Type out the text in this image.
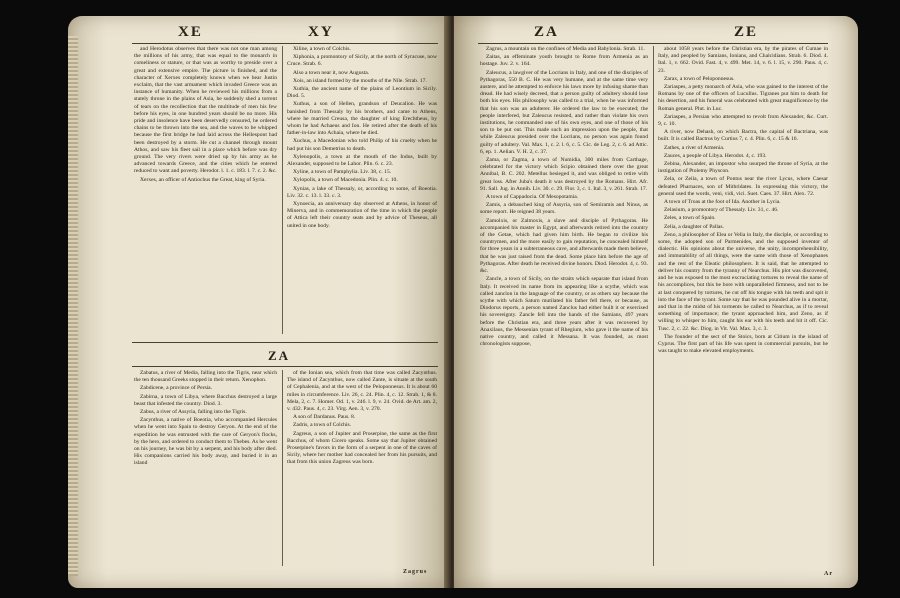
XE	XY

and Herodotus observes that there was not one man among the millions of his army, that was equal to the monarch in comeliness or stature, or that was as worthy to preside over a great and extensive empire. The picture is finished, and the character of Xerxes completely known when we hear Justin exclaim, that the vast armament which invaded Greece was an instance of humanity. When he reviewed his millions from a stately throne in the plains of Asia, he suddenly shed a torrent of tears on the recollection that the multitude of men his few before his eyes, in one hundred years should be no more. His pride and insolence have been deservedly censured, he ordered chains to be thrown into the sea, and the waves to be whipped because the first bridge he had laid across the Hellespont had been destroyed by a storm. He cut a channel through mount Athos, and saw his fleet sail in a place which before was dry ground. The very rivers were dried up by his army as he advanced towards Greece, and the cities which he entered reduced to want and poverty. Herodot. l. 1. c. 183. l. 7. c. 2. &c.

Xerxes, an officer of Antiochus the Great, king of Syria.

Xiline, a town of Colchis.

Xiphonia, a promontory of Sicily, at the north of Syracuse, now Cruce. Strab. 6.

Also a town near it, now Augusta.

Xois, an island formed by the mouths of the Nile. Strab. 17.

Xuthia, the ancient name of the plains of Leontium in Sicily. Diod. 5.

Xuthus, a son of Hellen, grandson of Deucalion. He was banished from Thessaly by his brothers, and came to Athens, where he married Creusa, the daughter of king Erechtheus, by whom he had Achaeus and Ion. He retired after the death of his father-in-law into Achaia, where he died.

Xuchus, a Macedonian who told Philip of his cruelty when he had put his son Demetrius to death.

Xylenopolis, a town at the mouth of the Indus, built by Alexander, supposed to be Lahor. Plin. 6. c. 23.

Xyline, a town of Pamphylia. Liv. 38, c. 15.

Xylopolis, a town of Macedonia. Plin. 4. c. 10.

Xynias, a lake of Thessaly, or, according to some, of Boeotia. Liv. 32. c. 13. l. 33. c. 3.

Xynoecia, an anniversary day observed at Athens, in honor of Minerva, and in commemoration of the time in which the people of Attica left their country seats and by advice of Theseus, all united in one body.

ZA

Zabatus, a river of Media, falling into the Tigris, near which the ten thousand Greeks stopped in their return. Xenophon.

Zabdicene, a province of Persia.

Zabirna, a town of Libya, where Bacchus destroyed a large beast that infested the country. Diod. 3.

Zabus, a river of Assyria, falling into the Tigris.

Zacynthus, a native of Boeotia, who accompanied Hercules when he went into Spain to destroy Geryon. At the end of the expedition he was entrusted with the care of Geryon's flocks, by the hero, and ordered to conduct them to Thebes. As he went on his journey, he was bit by a serpent, and his body after died. His companions carried his body away, and buried it in an island

of the Ionian sea, which from that time was called Zacynthus. The island of Zacynthus, now called Zante, is situate at the south of Cephalenia, and at the west of the Peloponnesus. It is about 60 miles in circumference. Liv. 26, c. 24. Plin. 4, c. 12. Strab. 1, & 8. Mela, 2, c. 7. Homer. Od. 1, v. 246. l. 9, v. 24. Ovid. de Art. am. 2, v. 432. Paus. 4, c. 23. Virg. Aen. 3, v. 270.

A son of Dardanus. Paus. 8.

Zadris, a town of Colchis.

Zagreus, a son of Jupiter and Proserpine, the same as the first Bacchus, of whom Cicero speaks. Some say that Jupiter obtained Proserpine's favors in the form of a serpent in one of the caves of Sicily, where her mother had concealed her from his pursuits, and that from this union Zagreus was born.

Zagrus
ZA	ZE

Zagrus, a mountain on the confines of Media and Babylonia. Strab. 11.

Zaitas, an effeminate youth brought to Rome from Armenia as an hostage. Juv. 2. v. 164.

Zaleucus, a lawgiver of the Locrians in Italy, and one of the disciples of Pythagoras, 550 B. C. He was very humane, and at the same time very austere, and he attempted to enforce his laws more by infusing shame than dread. He had wisely decreed, that a person guilty of adultery should lose both his eyes. His philosophy was called to a trial, when he was informed that his son was an adulterer. He ordered the law to be executed; the people interfered, but Zaleucus resisted, and rather than violate his own institutions, he commanded one of his own eyes, and one of those of his son to be put out. This made such an impression upon the people, that while Zaleucus presided over the Locrians, no person was again found guilty of adultery. Val. Max. 1, c. 2. l. 6, c. 5. Cic. de Leg. 2, c. 6. ad Attic. 6, ep. 1. Aelian. V. H. 2, c. 37.

Zama, or Zagma, a town of Numidia, 300 miles from Carthage, celebrated for the victory which Scipio obtained there over the great Annibal, B. C. 202. Metellus besieged it, and was obliged to retire with great loss. After Juba's death it was destroyed by the Romans. Hirt. Afr. 91. Sall. Jug. in Annib. Liv. 30. c. 29. Flor. 3, c. 1. Ital. 3, v. 261. Strab. 17.

A town of Cappadocia. Of Mesopotamia.

Zamis, a debauched king of Assyria, son of Semiramis and Ninus, as some report. He reigned 38 years.

Zamolxis, or Zalmoxis, a slave and disciple of Pythagoras. He accompanied his master in Egypt, and afterwards retired into the country of the Getae, which had given him birth. He began to civilize his countrymen, and the more easily to gain reputation, he concealed himself for three years in a subterraneous cave, and afterwards made them believe, that he was just raised from the dead. Some place him before the age of Pythagoras. After death he received divine honors. Diod. Herodot. 4, c. 93. &c.

Zancle, a town of Sicily, on the straits which separate that island from Italy. It received its name from its appearing like a scythe, which was called zanclon in the language of the country, or as others say because the scythe with which Saturn mutilated his father fell there, or because, as Diodorus reports, a person named Zanclus had either built it or exercised his sovereignty. Zancle fell into the hands of the Samians, 497 years before the Christian era, and three years after it was recovered by Anaxilaus, the Messenian tyrant of Rhegium, who gave it the name of his native country, and called it Messana. It was founded, as most chronologists suppose,

about 1058 years before the Christian era, by the pirates of Cumae in Italy, and peopled by Samians, Ionians, and Chalcidians. Strab. 6. Diod. 4. Ital. 1, v. 662. Ovid. Fast. 4, v. 499. Met. 14, v. 6. l. 15, v. 290. Paus. 4, c. 23.

Zarax, a town of Peloponnesus.

Zariaspes, a petty monarch of Asia, who was gained to the interest of the Romans by one of the officers of Lucullus. Tigranes put him to death for his desertion, and his funeral was celebrated with great magnificence by the Roman general. Plut. in Luc.

Zariaspes, a Persian who attempted to revolt from Alexander, &c. Curt. 9, c. 10.

A river, now Dehash, on which Bactra, the capital of Bactriana, was built. It is called Bactrus by Curtius 7, c. 4. Plin. 6, c. 15 & 16.

Zathes, a river of Armenia.

Zauces, a people of Libya. Herodot. 4, c. 193.

Zebina, Alexander, an impostor who usurped the throne of Syria, at the instigation of Ptolemy Physcon.

Zela, or Zeila, a town of Pontus near the river Lycus, where Caesar defeated Pharnaces, son of Mithridates. In expressing this victory, the general used the words, veni, vidi, vici. Suet. Caes. 37. Hirt. Alex. 72.

A town of Troas at the foot of Ida. Another in Lycia.

Zelasium, a promontory of Thessaly. Liv. 31, c. 46.

Zeles, a town of Spain.

Zelia, a daughter of Pallas.

Zeno, a philosopher of Elea or Velia in Italy, the disciple, or according to some, the adopted son of Parmenides, and the supposed inventor of dialectic. His opinions about the universe, the unity, incomprehensibility, and immutability of all things, were the same with those of Xenophanes and the rest of the Eleatic philosophers. It is said, that he attempted to deliver his country from the tyranny of Nearchus. His plot was discovered, and he was exposed to the most excruciating tortures to reveal the name of his accomplices, but this he bore with unparalleled firmness, and not to be at last conquered by tortures, he cut off his tongue with his teeth and spit it into the face of the tyrant. Some say that he was pounded alive in a mortar, and that in the midst of his torments he called to Nearchus, as if to reveal something of importance; the tyrant approached him, and Zeno, as if willing to whisper to him, caught his ear with his teeth and bit it off. Cic. Tusc. 2, c. 22. &c. Diog. in Vit. Val. Max. 3, c. 3.

The founder of the sect of the Stoics, born at Citium in the island of Cyprus. The first part of his life was spent in commercial pursuits, but he was taught to make elevated employments.

Ar
